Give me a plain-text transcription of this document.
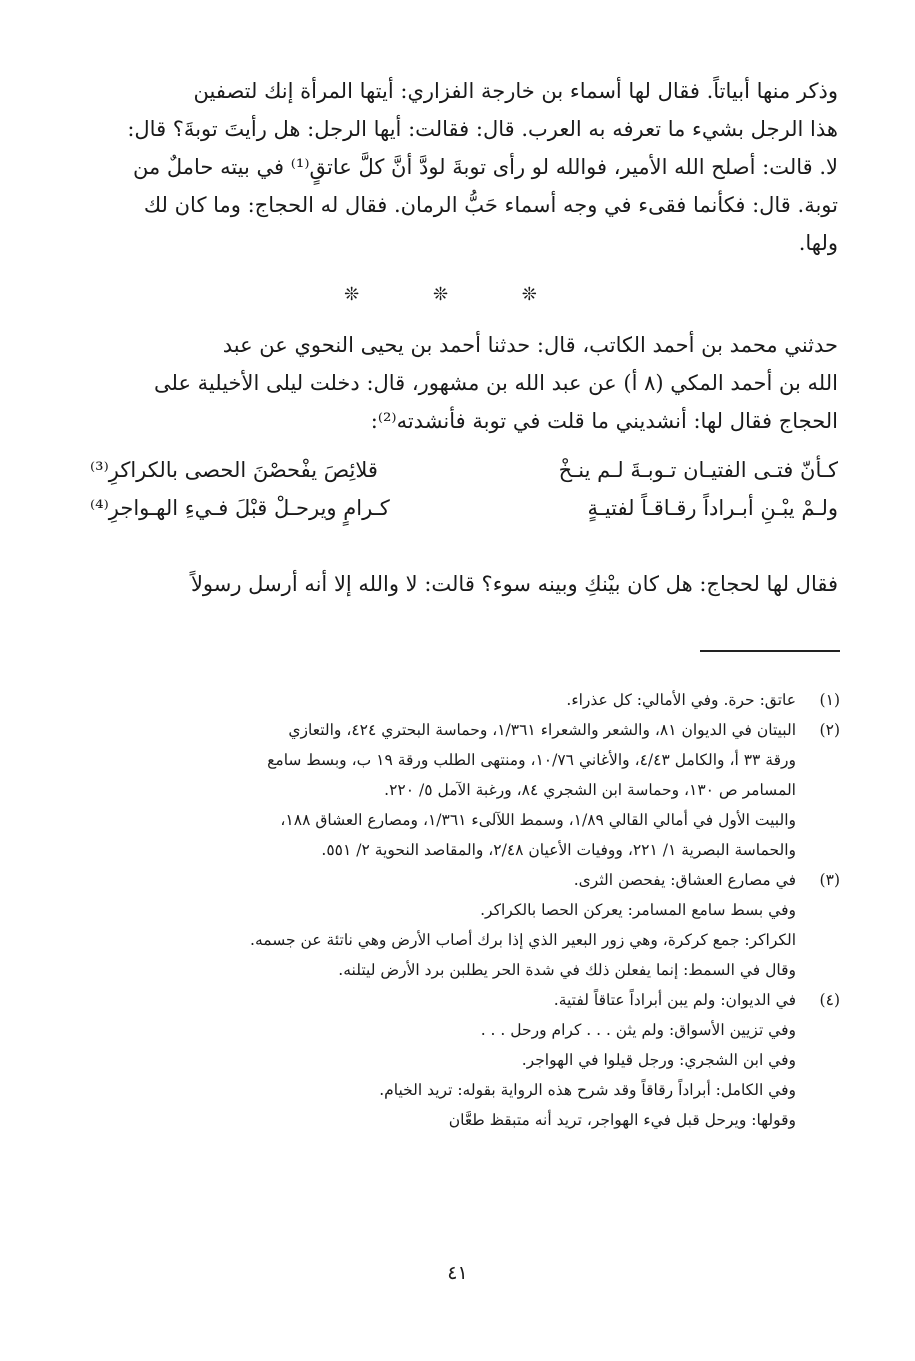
وذكر منها أبياتاً. فقال لها أسماء بن خارجة الفزاري: أيتها المرأة إنك لتصفين
هذا الرجل بشيء ما تعرفه به العرب. قال: فقالت: أيها الرجل: هل رأيتَ توبةَ؟ قال:
لا. قالت: أصلح الله الأمير، فوالله لو رأى توبةَ لودَّ أنَّ كلَّ عاتقٍ⁽¹⁾ في بيته حاملٌ من
توبة. قال: فكأنما فقىء في وجه أسماء حَبُّ الرمان. فقال له الحجاج: وما كان لك
ولها.
❊ ❊ ❊
حدثني محمد بن أحمد الكاتب، قال: حدثنا أحمد بن يحيى النحوي عن عبد
الله بن أحمد المكي (٨ أ) عن عبد الله بن مشهور، قال: دخلت ليلى الأخيلية على
الحجاج فقال لها: أنشديني ما قلت في توبة فأنشدته⁽²⁾:
كـأنّ فتـى الفتيـان تـوبـةَ لـم ينـخْ
قلائِصَ يفْحصْنَ الحصى بالكراكرِ⁽³⁾
ولـمْ يبْـنِ أبـراداً رقـاقـاً لفتيـةٍ
كـرامٍ ويرحـلْ قبْلَ فـيءِ الهـواجرِ⁽⁴⁾
فقال لها لحجاج: هل كان بيْنكِ وبينه سوء؟ قالت: لا والله إلا أنه أرسل رسولاً
(١)
عاتق: حرة. وفي الأمالي: كل عذراء.
(٢)
البيتان في الديوان ٨١، والشعر والشعراء ١/٣٦١، وحماسة البحتري ٤٢٤، والتعازي
ورقة ٣٣ أ، والكامل ٤/٤٣، والأغاني ١٠/٧٦، ومنتهى الطلب ورقة ١٩ ب، وبسط سامع
المسامر ص ١٣٠، وحماسة ابن الشجري ٨٤، ورغبة الآمل ٥/ ٢٢٠.
والبيت الأول في أمالي القالي ١/٨٩، وسمط اللآلىء ١/٣٦١، ومصارع العشاق ١٨٨،
والحماسة البصرية ١/ ٢٢١، ووفيات الأعيان ٢/٤٨، والمقاصد النحوية ٢/ ٥٥١.
(٣)
في مصارع العشاق: يفحصن الثرى.
وفي بسط سامع المسامر: يعركن الحصا بالكراكر.
الكراكر: جمع كركرة، وهي زور البعير الذي إذا برك أصاب الأرض وهي ناتئة عن جسمه.
وقال في السمط: إنما يفعلن ذلك في شدة الحر يطلبن برد الأرض ليتلنه.
(٤)
في الديوان: ولم يبن أبراداً عتاقاً لفتية.
وفي تزيين الأسواق: ولم يثن . . . كرام ورحل . . .
وفي ابن الشجري: ورجل قيلوا في الهواجر.
وفي الكامل: أبراداً رقاقاً وقد شرح هذه الرواية بقوله: تريد الخيام.
وقولها: ويرحل قبل فيء الهواجر، تريد أنه متبقظ طعَّان
٤١
